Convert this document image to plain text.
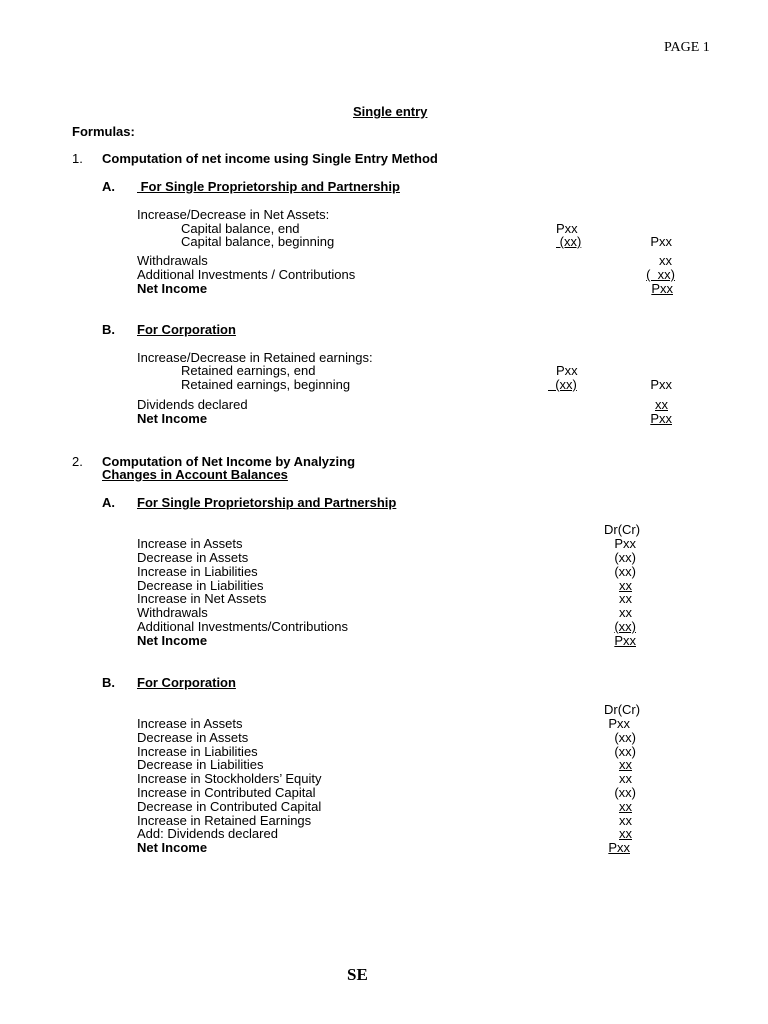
PAGE 1
Single entry
Formulas:
1. Computation of net income using Single Entry Method
A. For Single Proprietorship and Partnership
Increase/Decrease in Net Assets:
Capital balance, end	Pxx
Capital balance, beginning	(xx)	Pxx
Withdrawals	xx
Additional Investments / Contributions	(  xx)
Net Income	Pxx
B. For Corporation
Increase/Decrease in Retained earnings:
Retained earnings, end	Pxx
Retained earnings, beginning	(xx)	Pxx
Dividends declared	xx
Net Income	Pxx
2. Computation of Net Income by Analyzing
Changes in Account Balances
A. For Single Proprietorship and Partnership
Dr(Cr)
Increase in Assets	Pxx
Decrease in Assets	(xx)
Increase in Liabilities	(xx)
Decrease in Liabilities	xx
Increase in Net Assets	xx
Withdrawals	xx
Additional Investments/Contributions	(xx)
Net Income	Pxx
B. For Corporation
Dr(Cr)
Increase in Assets	Pxx
Decrease in Assets	(xx)
Increase in Liabilities	(xx)
Decrease in Liabilities	xx
Increase in Stockholders’ Equity	xx
Increase in Contributed Capital	(xx)
Decrease in Contributed Capital	xx
Increase in Retained Earnings	xx
Add: Dividends declared	xx
Net Income	Pxx
SE
